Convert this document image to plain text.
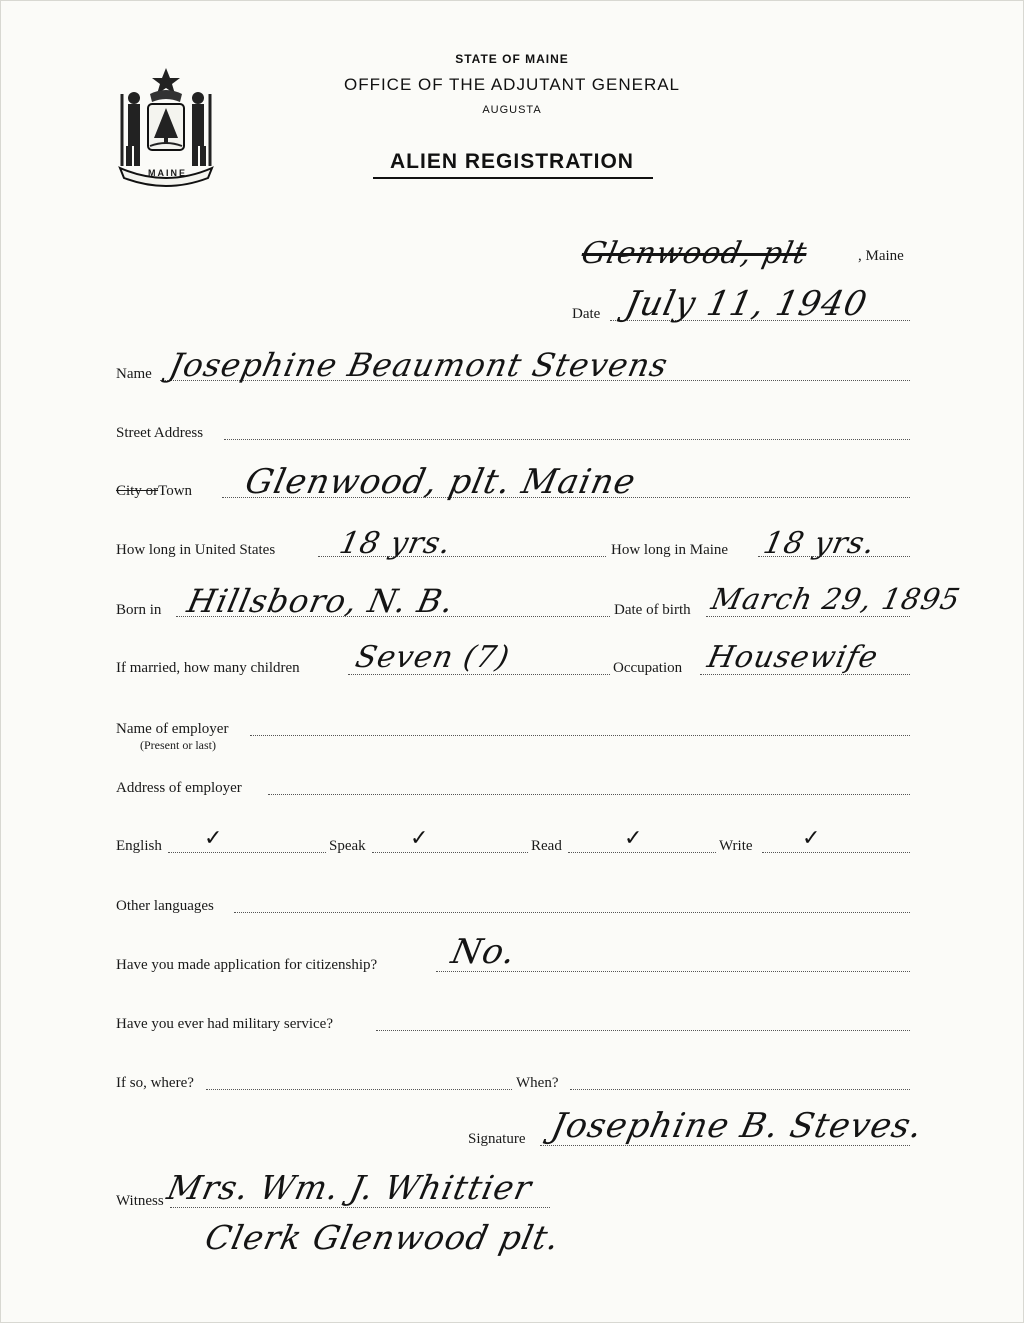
MAINE
STATE OF MAINE
OFFICE OF THE ADJUTANT GENERAL
AUGUSTA
ALIEN REGISTRATION
Glenwood, plt	, Maine
Date July 11, 1940
Name Josephine Beaumont Stevens
Street Address
City orTown Glenwood, plt. Maine
How long in United States 18 yrs.	How long in Maine 18 yrs.
Born in Hillsboro, N. B.	Date of birth March 29, 1895
If married, how many children Seven (7)	Occupation Housewife
Name of employer
(Present or last)
Address of employer
English ✓	Speak ✓	Read	✓	Write ✓
Other languages
Have you made application for citizenship? No.
Have you ever had military service?
If so, where?	When?
Signature Josephine B. Steves.
Witness Mrs. Wm. J. Whittier
Clerk Glenwood plt.
